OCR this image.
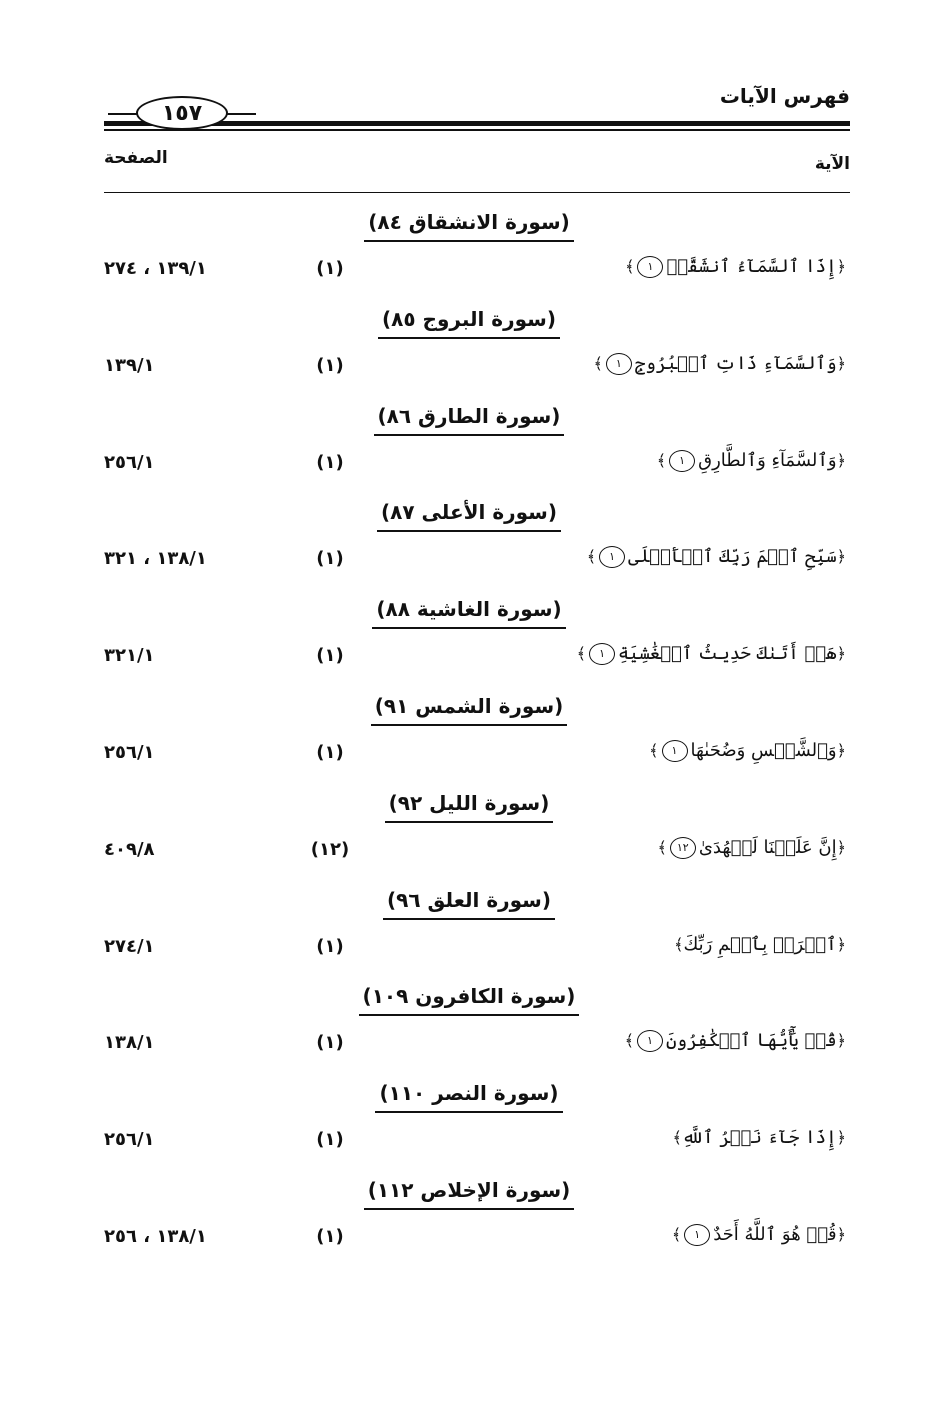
فهرس الآيات
١٥٧
الآية
الصفحة
(سورة الانشقاق ٨٤)
﴿إِذَا ٱلسَّمَآءُ ٱنشَقَّتۡ١﴾
(١)
١٣٩/١ ، ٢٧٤
(سورة البروج ٨٥)
﴿وَٱلسَّمَآءِ ذَاتِ ٱلۡبُرُوجِ١﴾
(١)
١٣٩/١
(سورة الطارق ٨٦)
﴿وَٱلسَّمَآءِ وَٱلطَّارِقِ١﴾
(١)
٢٥٦/١
(سورة الأعلى ٨٧)
﴿سَبِّحِ ٱسۡمَ رَبِّكَ ٱلۡأَعۡلَى١﴾
(١)
١٣٨/١ ، ٣٢١
(سورة الغاشية ٨٨)
﴿هَلۡ أَتَىٰكَ حَدِيثُ ٱلۡغَٰشِيَةِ١﴾
(١)
٣٢١/١
(سورة الشمس ٩١)
﴿وَٱلشَّمۡسِ وَضُحَىٰهَا١﴾
(١)
٢٥٦/١
(سورة الليل ٩٢)
﴿إِنَّ عَلَيۡنَا لَلۡهُدَىٰ١٢﴾
(١٢)
٤٠٩/٨
(سورة العلق ٩٦)
﴿ٱقۡرَأۡ بِٱسۡمِ رَبِّكَ﴾
(١)
٢٧٤/١
(سورة الكافرون ١٠٩)
﴿قُلۡ يَٰٓأَيُّهَا ٱلۡكَٰفِرُونَ١﴾
(١)
١٣٨/١
(سورة النصر ١١٠)
﴿إِذَا جَآءَ نَصۡرُ ٱللَّهِ﴾
(١)
٢٥٦/١
(سورة الإخلاص ١١٢)
﴿قُلۡ هُوَ ٱللَّهُ أَحَدٌ١﴾
(١)
١٣٨/١ ، ٢٥٦
